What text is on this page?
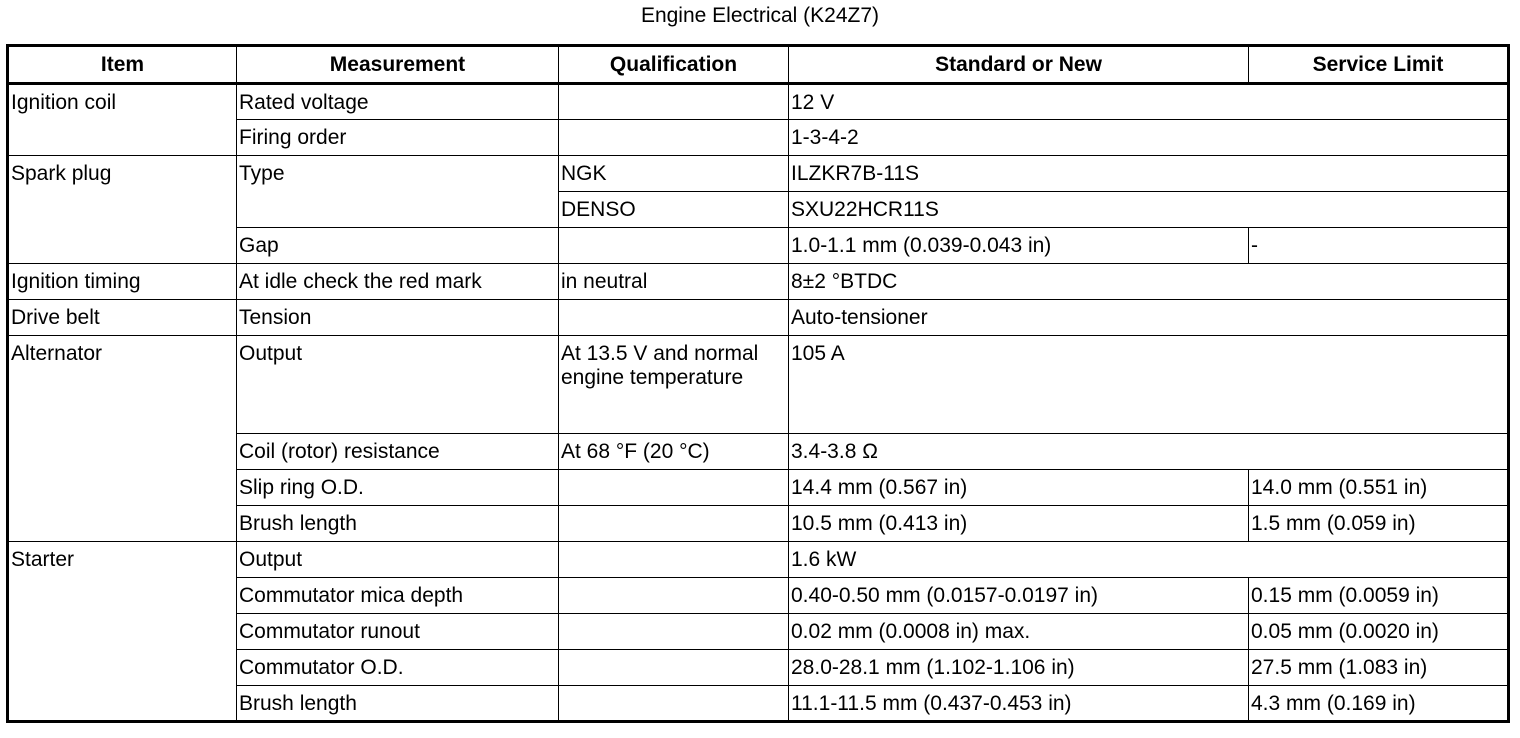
Engine Electrical (K24Z7)
Item	Measurement	Qualification	Standard or New	Service Limit
Ignition coil	Rated voltage		12 V	
	Firing order		1-3-4-2	
Spark plug	Type	NGK	ILZKR7B-11S	
		DENSO	SXU22HCR11S	
	Gap		1.0-1.1 mm (0.039-0.043 in)	-
Ignition timing	At idle check the red mark	in neutral	8±2 °BTDC	
Drive belt	Tension		Auto-tensioner	
Alternator	Output	At 13.5 V and normal engine temperature	105 A	
	Coil (rotor) resistance	At 68 °F (20 °C)	3.4-3.8 Ω	
	Slip ring O.D.		14.4 mm (0.567 in)	14.0 mm (0.551 in)
	Brush length		10.5 mm (0.413 in)	1.5 mm (0.059 in)
Starter	Output		1.6 kW	
	Commutator mica depth		0.40-0.50 mm (0.0157-0.0197 in)	0.15 mm (0.0059 in)
	Commutator runout		0.02 mm (0.0008 in) max.	0.05 mm (0.0020 in)
	Commutator O.D.		28.0-28.1 mm (1.102-1.106 in)	27.5 mm (1.083 in)
	Brush length		11.1-11.5 mm (0.437-0.453 in)	4.3 mm (0.169 in)
